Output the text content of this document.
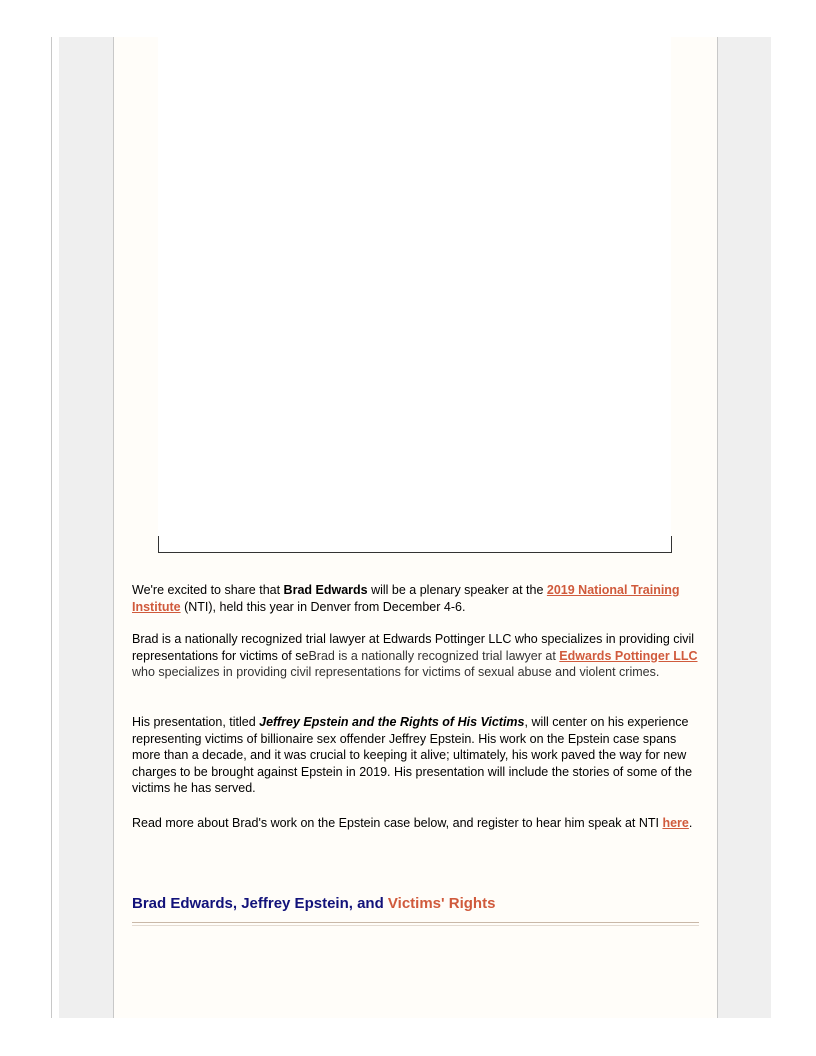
We're excited to share that Brad Edwards will be a plenary speaker at the 2019 National Training Institute (NTI), held this year in Denver from December 4-6.

Brad is a nationally recognized trial lawyer at Edwards Pottinger LLC who specializes in providing civil representations for victims of seBrad is a nationally recognized trial lawyer at Edwards Pottinger LLC who specializes in providing civil representations for victims of sexual abuse and violent crimes.

His presentation, titled Jeffrey Epstein and the Rights of His Victims, will center on his experience representing victims of billionaire sex offender Jeffrey Epstein. His work on the Epstein case spans more than a decade, and it was crucial to keeping it alive; ultimately, his work paved the way for new charges to be brought against Epstein in 2019. His presentation will include the stories of some of the victims he has served.

Read more about Brad's work on the Epstein case below, and register to hear him speak at NTI here.

Brad Edwards, Jeffrey Epstein, and Victims' Rights
